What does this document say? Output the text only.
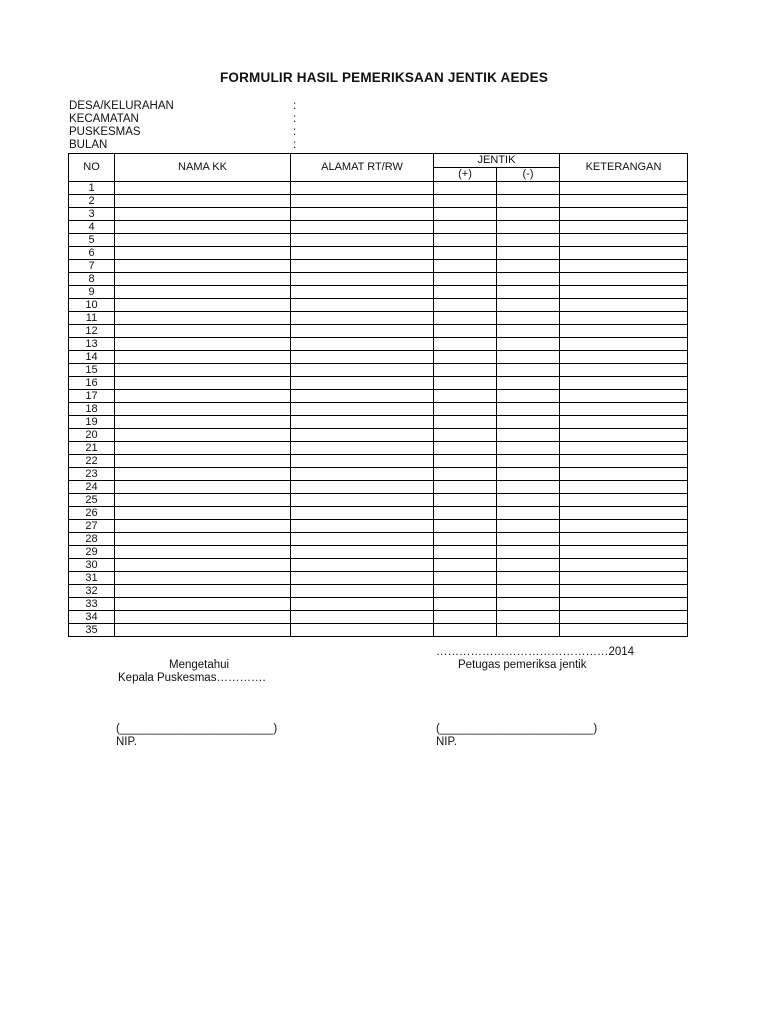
FORMULIR HASIL PEMERIKSAAN JENTIK AEDES
DESA/KELURAHAN	:
KECAMATAN	:
PUSKESMAS	:
BULAN	:
NO	NAMA KK	ALAMAT RT/RW	JENTIK		KETERANGAN
			(+)	(-)	
1					
2					
3					
4					
5					
6					
7					
8					
9					
10					
11					
12					
13					
14					
15					
16					
17					
18					
19					
20					
21					
22					
23					
24					
25					
26					
27					
28					
29					
30					
31					
32					
33					
34					
35					
………………………………………2014
Mengetahui	Petugas pemeriksa jentik
Kepala Puskesmas………….
(________________________)	(________________________)
NIP.	NIP.
